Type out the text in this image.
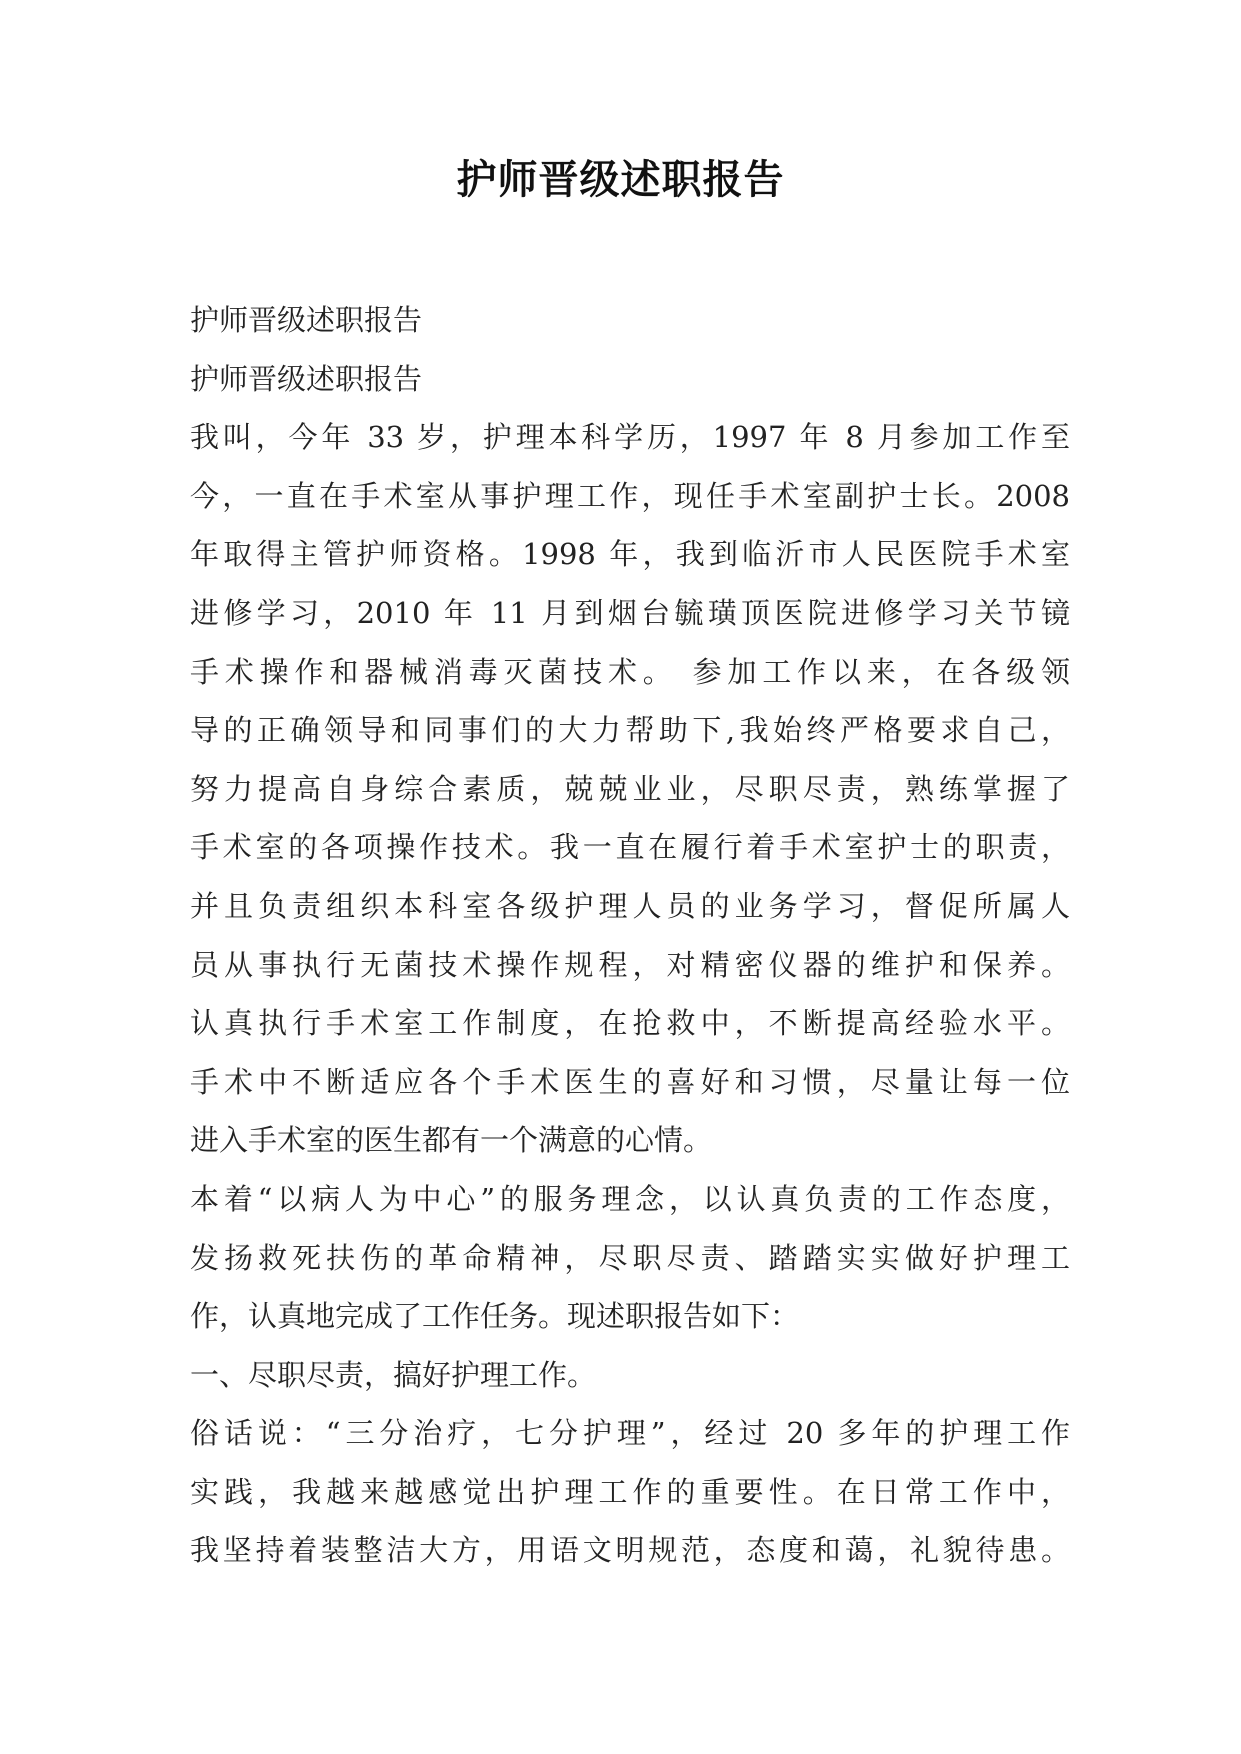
护师晋级述职报告
护师晋级述职报告
护师晋级述职报告
我叫，今年 33 岁，护理本科学历，1997 年 8 月参加工作至
今，一直在手术室从事护理工作，现任手术室副护士长。2008
年取得主管护师资格。1998 年，我到临沂市人民医院手术室
进修学习，2010 年 11 月到烟台毓璜顶医院进修学习关节镜
手术操作和器械消毒灭菌技术。 参加工作以来，在各级领
导的正确领导和同事们的大力帮助下,我始终严格要求自己，
努力提高自身综合素质，兢兢业业，尽职尽责，熟练掌握了
手术室的各项操作技术。我一直在履行着手术室护士的职责，
并且负责组织本科室各级护理人员的业务学习，督促所属人
员从事执行无菌技术操作规程，对精密仪器的维护和保养。
认真执行手术室工作制度，在抢救中，不断提高经验水平。
手术中不断适应各个手术医生的喜好和习惯，尽量让每一位
进入手术室的医生都有一个满意的心情。
本着“以病人为中心”的服务理念，以认真负责的工作态度，
发扬救死扶伤的革命精神，尽职尽责、踏踏实实做好护理工
作，认真地完成了工作任务。现述职报告如下：
一、尽职尽责，搞好护理工作。
俗话说：“三分治疗，七分护理”，经过 20 多年的护理工作
实践，我越来越感觉出护理工作的重要性。在日常工作中，
我坚持着装整洁大方，用语文明规范，态度和蔼，礼貌待患。
